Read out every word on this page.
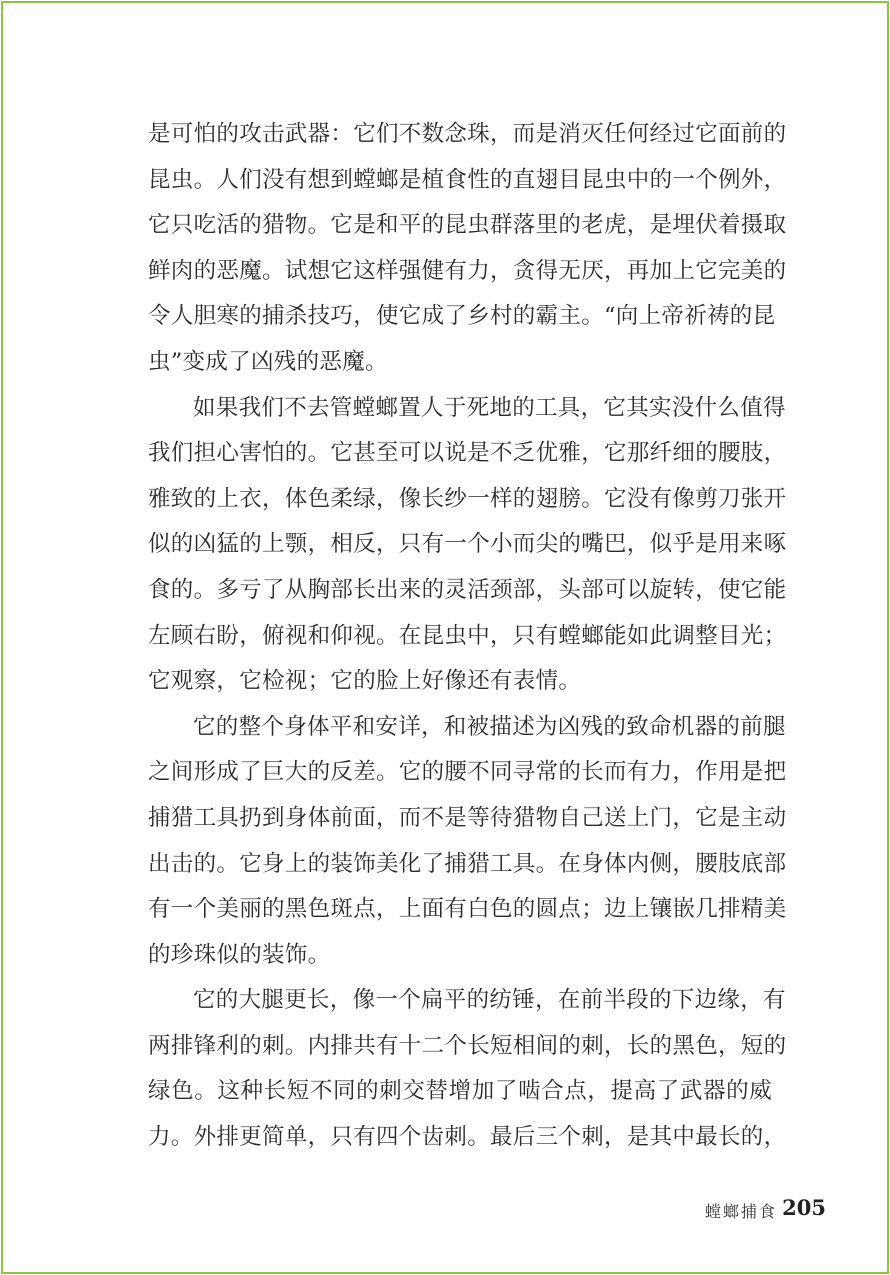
是可怕的攻击武器：它们不数念珠，而是消灭任何经过它面前的
昆虫。人们没有想到螳螂是植食性的直翅目昆虫中的一个例外，
它只吃活的猎物。它是和平的昆虫群落里的老虎，是埋伏着摄取
鲜肉的恶魔。试想它这样强健有力，贪得无厌，再加上它完美的
令人胆寒的捕杀技巧，使它成了乡村的霸主。“向上帝祈祷的昆
虫”变成了凶残的恶魔。
如果我们不去管螳螂置人于死地的工具，它其实没什么值得
我们担心害怕的。它甚至可以说是不乏优雅，它那纤细的腰肢，
雅致的上衣，体色柔绿，像长纱一样的翅膀。它没有像剪刀张开
似的凶猛的上颚，相反，只有一个小而尖的嘴巴，似乎是用来啄
食的。多亏了从胸部长出来的灵活颈部，头部可以旋转，使它能
左顾右盼，俯视和仰视。在昆虫中，只有螳螂能如此调整目光；
它观察，它检视；它的脸上好像还有表情。
它的整个身体平和安详，和被描述为凶残的致命机器的前腿
之间形成了巨大的反差。它的腰不同寻常的长而有力，作用是把
捕猎工具扔到身体前面，而不是等待猎物自己送上门，它是主动
出击的。它身上的装饰美化了捕猎工具。在身体内侧，腰肢底部
有一个美丽的黑色斑点，上面有白色的圆点；边上镶嵌几排精美
的珍珠似的装饰。
它的大腿更长，像一个扁平的纺锤，在前半段的下边缘，有
两排锋利的刺。内排共有十二个长短相间的刺，长的黑色，短的
绿色。这种长短不同的刺交替增加了啮合点，提高了武器的威
力。外排更简单，只有四个齿刺。最后三个刺，是其中最长的，
螳螂捕食 205
